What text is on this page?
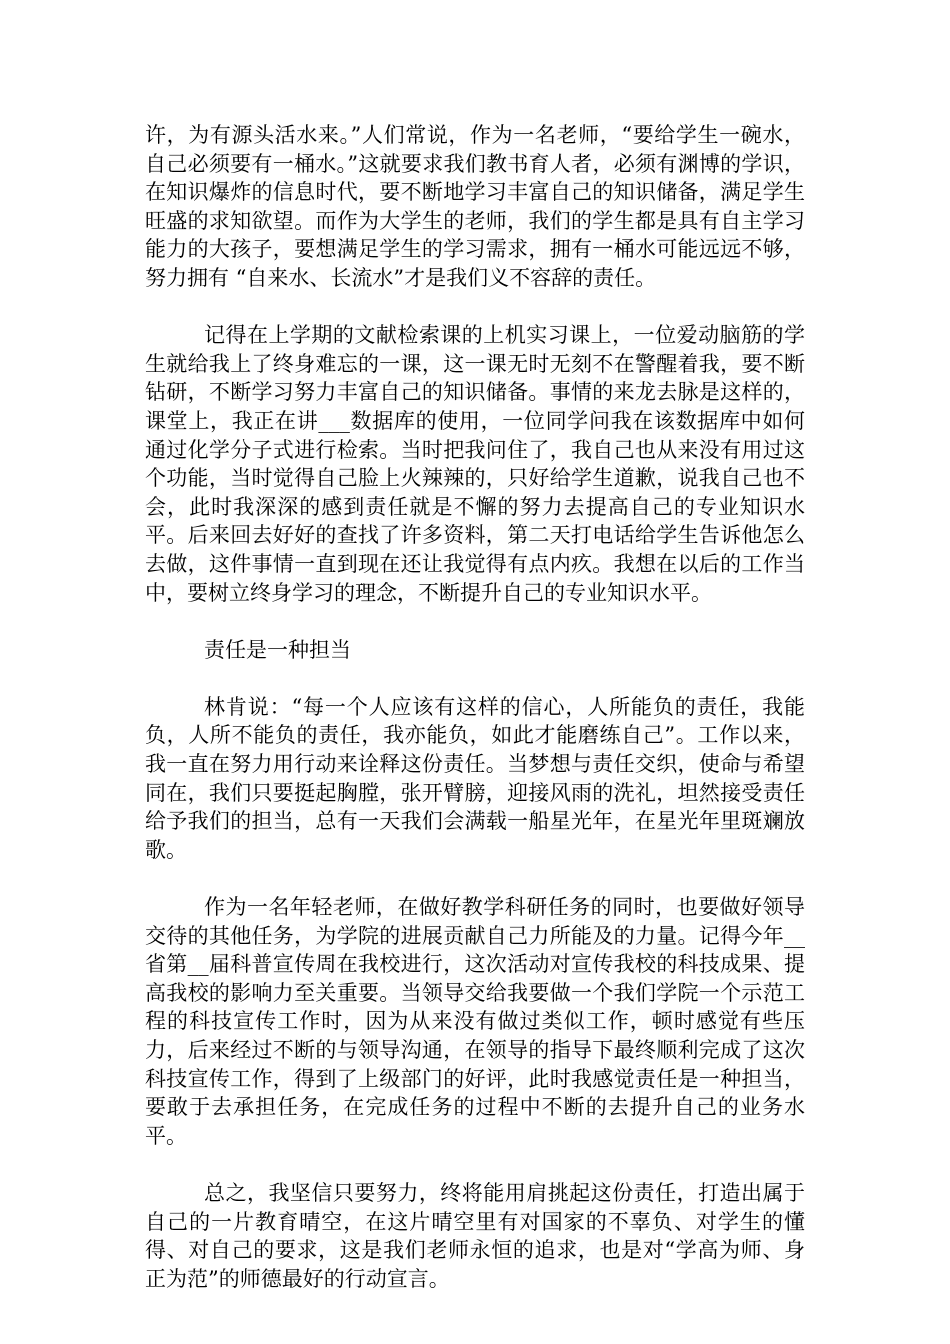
许，为有源头活水来。”人们常说，作为一名老师，“要给学生一碗水，自己必须要有一桶水。”这就要求我们教书育人者，必须有渊博的学识，在知识爆炸的信息时代，要不断地学习丰富自己的知识储备，满足学生旺盛的求知欲望。而作为大学生的老师，我们的学生都是具有自主学习能力的大孩子，要想满足学生的学习需求，拥有一桶水可能远远不够，努力拥有 “自来水、长流水”才是我们义不容辞的责任。

记得在上学期的文献检索课的上机实习课上，一位爱动脑筋的学生就给我上了终身难忘的一课，这一课无时无刻不在警醒着我，要不断钻研，不断学习努力丰富自己的知识储备。事情的来龙去脉是这样的，课堂上，我正在讲___数据库的使用，一位同学问我在该数据库中如何通过化学分子式进行检索。当时把我问住了，我自己也从来没有用过这个功能，当时觉得自己脸上火辣辣的，只好给学生道歉，说我自己也不会，此时我深深的感到责任就是不懈的努力去提高自己的专业知识水平。后来回去好好的查找了许多资料，第二天打电话给学生告诉他怎么去做，这件事情一直到现在还让我觉得有点内疚。我想在以后的工作当中，要树立终身学习的理念，不断提升自己的专业知识水平。

责任是一种担当

林肯说：“每一个人应该有这样的信心，人所能负的责任，我能负，人所不能负的责任，我亦能负，如此才能磨练自己”。工作以来，我一直在努力用行动来诠释这份责任。当梦想与责任交织，使命与希望同在，我们只要挺起胸膛，张开臂膀，迎接风雨的洗礼，坦然接受责任给予我们的担当，总有一天我们会满载一船星光年，在星光年里斑斓放歌。

作为一名年轻老师，在做好教学科研任务的同时，也要做好领导交待的其他任务，为学院的进展贡献自己力所能及的力量。记得今年__省第__届科普宣传周在我校进行，这次活动对宣传我校的科技成果、提高我校的影响力至关重要。当领导交给我要做一个我们学院一个示范工程的科技宣传工作时，因为从来没有做过类似工作，顿时感觉有些压力，后来经过不断的与领导沟通，在领导的指导下最终顺利完成了这次科技宣传工作，得到了上级部门的好评，此时我感觉责任是一种担当，要敢于去承担任务，在完成任务的过程中不断的去提升自己的业务水平。

总之，我坚信只要努力，终将能用肩挑起这份责任，打造出属于自己的一片教育晴空，在这片晴空里有对国家的不辜负、对学生的懂得、对自己的要求，这是我们老师永恒的追求，也是对“学高为师、身正为范”的师德最好的行动宣言。
